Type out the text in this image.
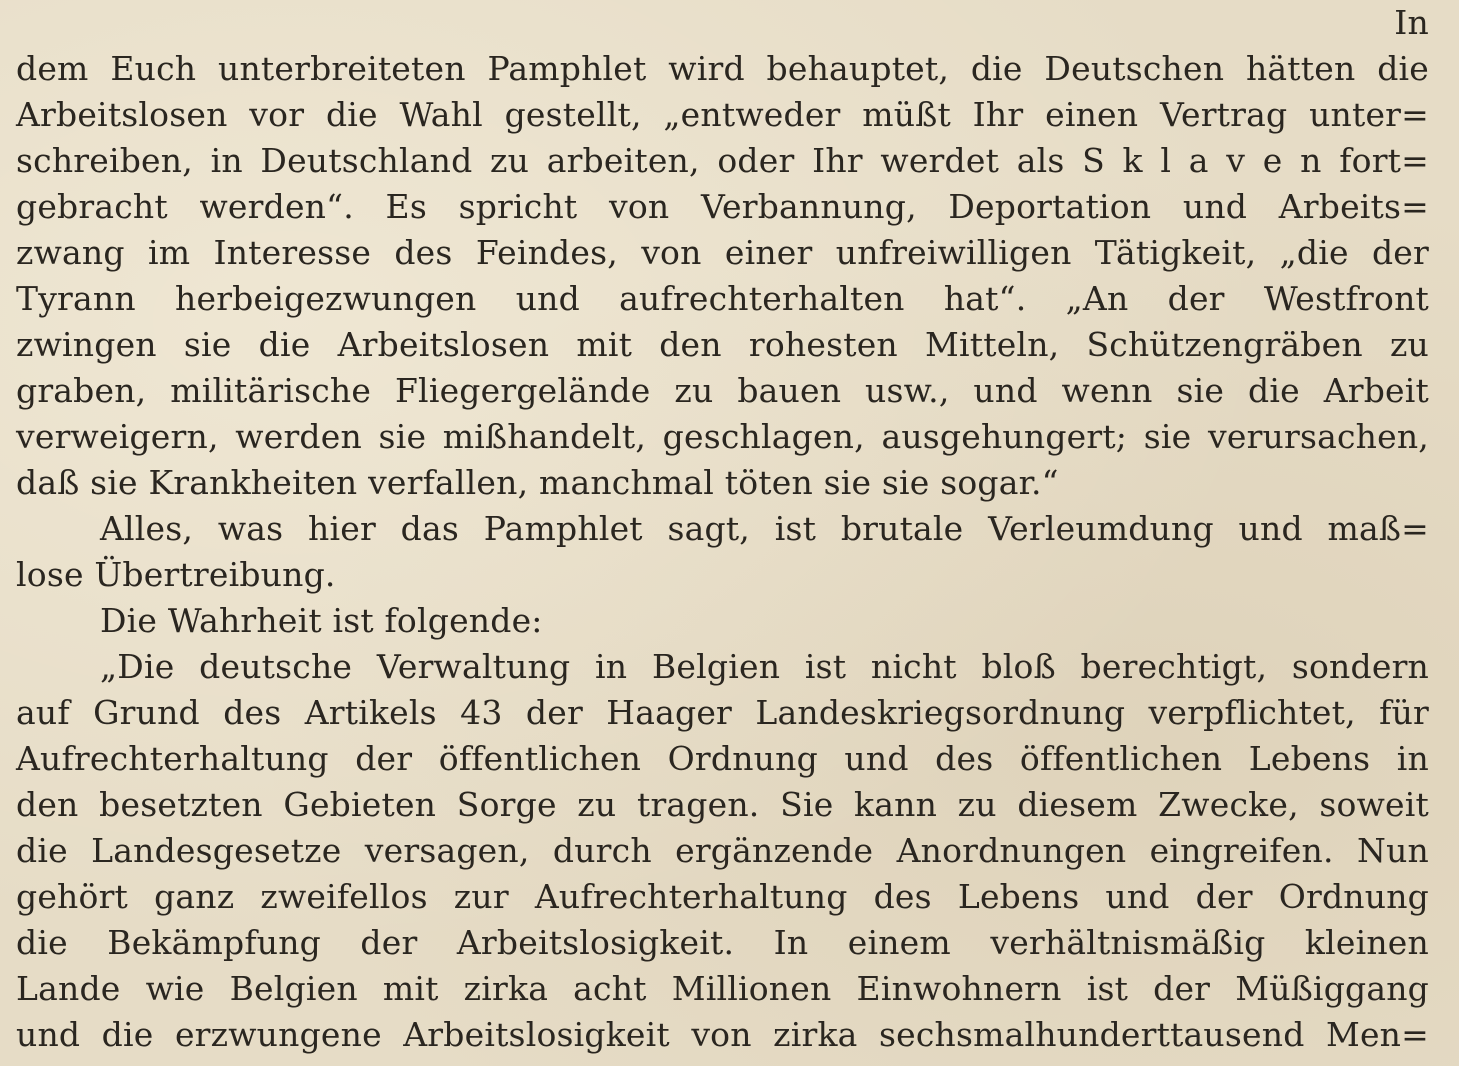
In
dem Euch unterbreiteten Pamphlet wird behauptet, die Deutschen hätten die
Arbeitslosen vor die Wahl gestellt, „entweder müßt Ihr einen Vertrag unter=
schreiben, in Deutschland zu arbeiten, oder Ihr werdet als S k l a v e n fort=
gebracht werden“. Es spricht von Verbannung, Deportation und Arbeits=
zwang im Interesse des Feindes, von einer unfreiwilligen Tätigkeit, „die der
Tyrann herbeigezwungen und aufrechterhalten hat“. „An der Westfront
zwingen sie die Arbeitslosen mit den rohesten Mitteln, Schützengräben zu
graben, militärische Fliegergelände zu bauen usw., und wenn sie die Arbeit
verweigern, werden sie mißhandelt, geschlagen, ausgehungert; sie verursachen,
daß sie Krankheiten verfallen, manchmal töten sie sie sogar.“
Alles, was hier das Pamphlet sagt, ist brutale Verleumdung und maß=
lose Übertreibung.
Die Wahrheit ist folgende:
„Die deutsche Verwaltung in Belgien ist nicht bloß berechtigt, sondern
auf Grund des Artikels 43 der Haager Landeskriegsordnung verpflichtet, für
Aufrechterhaltung der öffentlichen Ordnung und des öffentlichen Lebens in
den besetzten Gebieten Sorge zu tragen. Sie kann zu diesem Zwecke, soweit
die Landesgesetze versagen, durch ergänzende Anordnungen eingreifen. Nun
gehört ganz zweifellos zur Aufrechterhaltung des Lebens und der Ordnung
die Bekämpfung der Arbeitslosigkeit. In einem verhältnismäßig kleinen
Lande wie Belgien mit zirka acht Millionen Einwohnern ist der Müßiggang
und die erzwungene Arbeitslosigkeit von zirka sechsmalhunderttausend Men=
